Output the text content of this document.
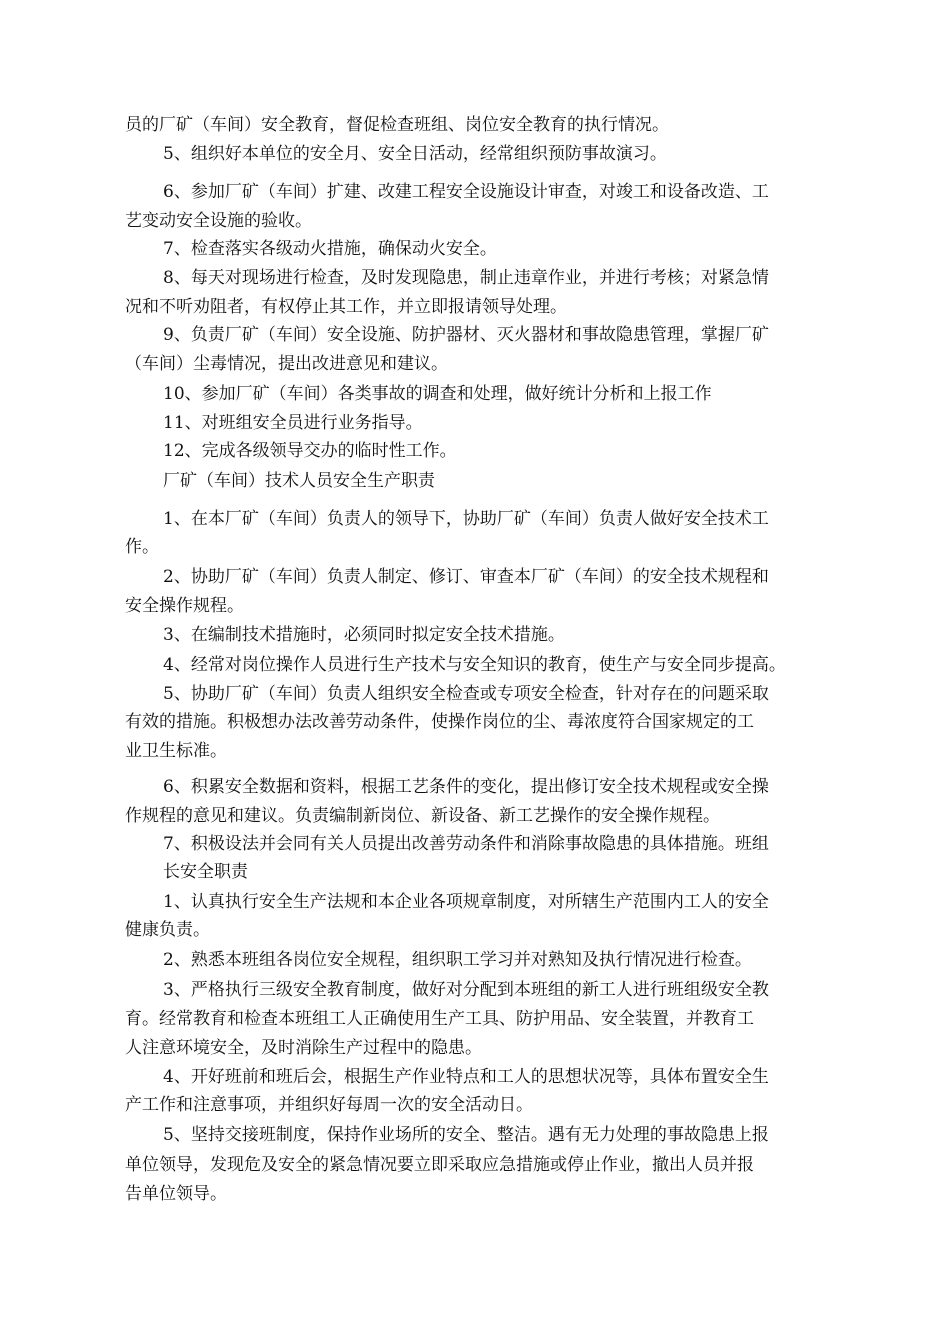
员的厂矿（车间）安全教育，督促检查班组、岗位安全教育的执行情况。

5、组织好本单位的安全月、安全日活动，经常组织预防事故演习。

6、参加厂矿（车间）扩建、改建工程安全设施设计审查，对竣工和设备改造、工

艺变动安全设施的验收。

7、检查落实各级动火措施，确保动火安全。

8、每天对现场进行检查，及时发现隐患，制止违章作业，并进行考核；对紧急情

况和不听劝阻者，有权停止其工作，并立即报请领导处理。

9、负责厂矿（车间）安全设施、防护器材、灭火器材和事故隐患管理，掌握厂矿

（车间）尘毒情况，提出改进意见和建议。

10、参加厂矿（车间）各类事故的调查和处理，做好统计分析和上报工作

11、对班组安全员进行业务指导。

12、完成各级领导交办的临时性工作。

厂矿（车间）技术人员安全生产职责

1、在本厂矿（车间）负责人的领导下，协助厂矿（车间）负责人做好安全技术工

作。

2、协助厂矿（车间）负责人制定、修订、审查本厂矿（车间）的安全技术规程和

安全操作规程。

3、在编制技术措施时，必须同时拟定安全技术措施。

4、经常对岗位操作人员进行生产技术与安全知识的教育，使生产与安全同步提高。

5、协助厂矿（车间）负责人组织安全检查或专项安全检查，针对存在的问题采取

有效的措施。积极想办法改善劳动条件，使操作岗位的尘、毒浓度符合国家规定的工

业卫生标准。

6、积累安全数据和资料，根据工艺条件的变化，提出修订安全技术规程或安全操

作规程的意见和建议。负责编制新岗位、新设备、新工艺操作的安全操作规程。

7、积极设法并会同有关人员提出改善劳动条件和消除事故隐患的具体措施。班组

长安全职责

1、认真执行安全生产法规和本企业各项规章制度，对所辖生产范围内工人的安全

健康负责。

2、熟悉本班组各岗位安全规程，组织职工学习并对熟知及执行情况进行检查。

3、严格执行三级安全教育制度，做好对分配到本班组的新工人进行班组级安全教

育。经常教育和检查本班组工人正确使用生产工具、防护用品、安全装置，并教育工

人注意环境安全，及时消除生产过程中的隐患。

4、开好班前和班后会，根据生产作业特点和工人的思想状况等，具体布置安全生

产工作和注意事项，并组织好每周一次的安全活动日。

5、坚持交接班制度，保持作业场所的安全、整洁。遇有无力处理的事故隐患上报

单位领导，发现危及安全的紧急情况要立即采取应急措施或停止作业，撤出人员并报

告单位领导。
